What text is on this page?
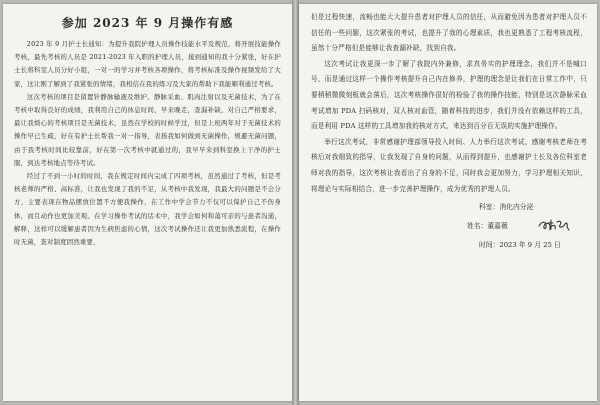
参加 2023 年 9 月操作有感

2023 年 9 月护士长通知：为提升我院护理人员操作技能水平及规范，将开展技能操作考核，最先考核的人员是 2021-2023 年入职的护理人员，接到通知的我十分紧张，好在护士长将科室人员分好小组，一对一的学习并考核各项操作，将考核标准及操作视频发给了大家，这让刚了解到了我紧张的情绪，我相信在我的练习及大家的帮助下我能顺利通过考核。

这次考核的项目是留置针静脉输液及维护、静脉采血、肌肉注射以及无菌技术，为了在考核中取得良好的成绩，我利用自己的休息时间，早来晚走，查漏补缺，对自己严格要求，最让我烦心的考核项目是无菌技术，虽然在学校的时候学过，但是上班两年对于无菌技术的操作早已生疏，好在有护士长帮我一对一指导，表扬我如何做到无菌操作，规避无菌问题，由于我考核时间比较靠前，好在第一次考核中就通过的，我早早来到科室换上干净的护士服，到达考核地点等待考试。

经过了不到一小时的时间，我在规定时间内完成了四项考核，虽然通过了考核，但是考核老师的严格、高标准，让我也发现了我的不足，从考核中我发现，我最大的问题是不会分方，主要表现在物品摆放位置不方便我操作，在工作中学会节力不仅可以保护自己不伤身体，而且动作也更加美观。在学习操作考试的话术中，我学会如何和蔼可亲的与患者沟通，解释，这样可以缓解患者因为生病焦虑的心情，这次考试操作还让我更加熟悉流程，在操作时无菌，查对制度固然重要，

但是过程快速，流畅也能大大提升患者对护理人员的信任，从而避免因为患者对护理人员不信任的一些问题，这次紧张的考试，也提升了我的心理素质，我也更熟悉了工程考核流程，虽然十分严格但是能够让我查漏补缺，找到自我。

这次考试让我更深一步了解了我院内外兼修，求真务实的护理理念，我们并不是喊口号，而是通过这样一个操作考核提升自己内在修养，护理的理念是让我们在日常工作中，只要稍稍微微刻板就会落后，这次考核操作很好的检验了我的操作技能，特别是这次静脉采血考试增加 PDA 扫码核对，双人核对血管，随着科技的进步，我们并没有依赖这样的工具，而是利用 PDA 这样的工具增加我的核对方式，来达到百分百无误的实施护理操作。

举行这次考试，非常感谢护理部领导投入时间、人力举行这次考试，感谢考核老师在考核后对我细致的指导，让我发现了自身的问题，从而得到提升，也感谢护士长及各位科室老师对我的指导，这次考核让我看出了自身的不足，同时我会更加努力，学习护理相关知识，将理论与实际相结合，进一步完善护理操作，成为优秀的护理人员。

科室：消化内分泌
姓名：董嘉薇
时间：2023 年 9 月 25 日
